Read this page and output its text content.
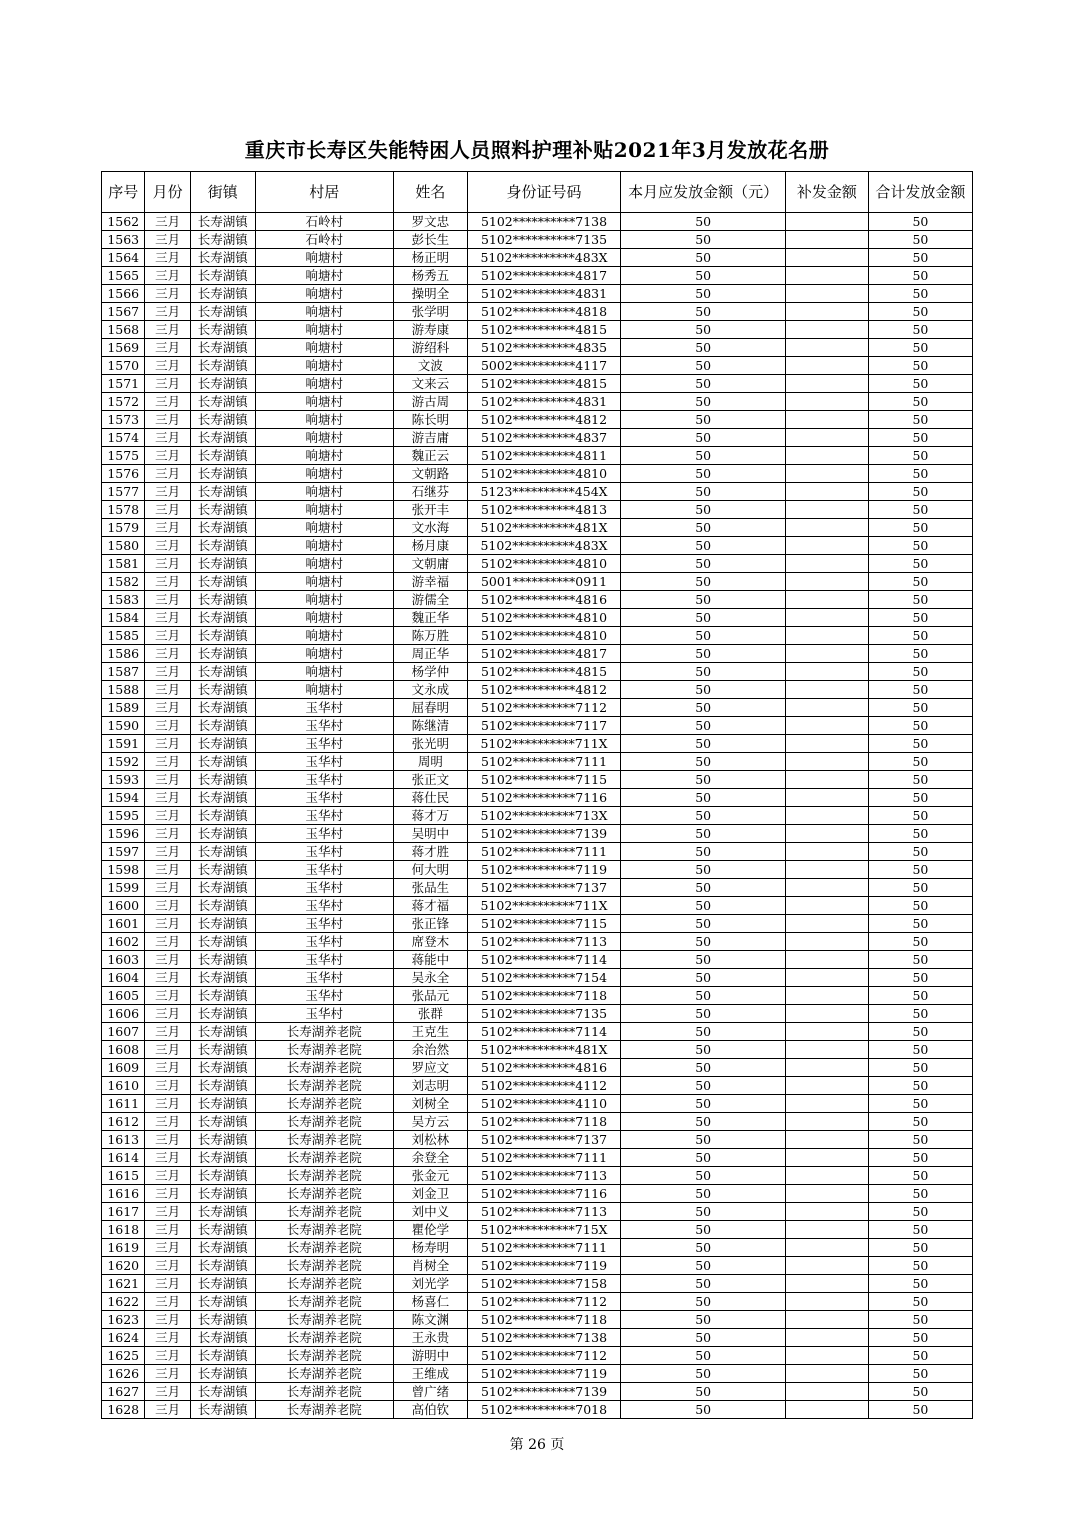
重庆市长寿区失能特困人员照料护理补贴2021年3月发放花名册
序号	月份	街镇	村居	姓名	身份证号码	本月应发放金额（元）	补发金额	合计发放金额
1562	三月	长寿湖镇	石岭村	罗文忠	5102**********7138	50		50
1563	三月	长寿湖镇	石岭村	彭长生	5102**********7135	50		50
1564	三月	长寿湖镇	响塘村	杨正明	5102**********483X	50		50
1565	三月	长寿湖镇	响塘村	杨秀五	5102**********4817	50		50
1566	三月	长寿湖镇	响塘村	操明全	5102**********4831	50		50
1567	三月	长寿湖镇	响塘村	张学明	5102**********4818	50		50
1568	三月	长寿湖镇	响塘村	游寿康	5102**********4815	50		50
1569	三月	长寿湖镇	响塘村	游绍科	5102**********4835	50		50
1570	三月	长寿湖镇	响塘村	文波	5002**********4117	50		50
1571	三月	长寿湖镇	响塘村	文来云	5102**********4815	50		50
1572	三月	长寿湖镇	响塘村	游古周	5102**********4831	50		50
1573	三月	长寿湖镇	响塘村	陈长明	5102**********4812	50		50
1574	三月	长寿湖镇	响塘村	游吉庸	5102**********4837	50		50
1575	三月	长寿湖镇	响塘村	魏正云	5102**********4811	50		50
1576	三月	长寿湖镇	响塘村	文朝路	5102**********4810	50		50
1577	三月	长寿湖镇	响塘村	石继芬	5123**********454X	50		50
1578	三月	长寿湖镇	响塘村	张开丰	5102**********4813	50		50
1579	三月	长寿湖镇	响塘村	文水海	5102**********481X	50		50
1580	三月	长寿湖镇	响塘村	杨月康	5102**********483X	50		50
1581	三月	长寿湖镇	响塘村	文朝庸	5102**********4810	50		50
1582	三月	长寿湖镇	响塘村	游幸福	5001**********0911	50		50
1583	三月	长寿湖镇	响塘村	游儒全	5102**********4816	50		50
1584	三月	长寿湖镇	响塘村	魏正华	5102**********4810	50		50
1585	三月	长寿湖镇	响塘村	陈万胜	5102**********4810	50		50
1586	三月	长寿湖镇	响塘村	周正华	5102**********4817	50		50
1587	三月	长寿湖镇	响塘村	杨学仲	5102**********4815	50		50
1588	三月	长寿湖镇	响塘村	文永成	5102**********4812	50		50
1589	三月	长寿湖镇	玉华村	屈春明	5102**********7112	50		50
1590	三月	长寿湖镇	玉华村	陈继清	5102**********7117	50		50
1591	三月	长寿湖镇	玉华村	张光明	5102**********711X	50		50
1592	三月	长寿湖镇	玉华村	周明	5102**********7111	50		50
1593	三月	长寿湖镇	玉华村	张正文	5102**********7115	50		50
1594	三月	长寿湖镇	玉华村	蒋仕民	5102**********7116	50		50
1595	三月	长寿湖镇	玉华村	蒋才万	5102**********713X	50		50
1596	三月	长寿湖镇	玉华村	吴明中	5102**********7139	50		50
1597	三月	长寿湖镇	玉华村	蒋才胜	5102**********7111	50		50
1598	三月	长寿湖镇	玉华村	何大明	5102**********7119	50		50
1599	三月	长寿湖镇	玉华村	张品生	5102**********7137	50		50
1600	三月	长寿湖镇	玉华村	蒋才福	5102**********711X	50		50
1601	三月	长寿湖镇	玉华村	张正锋	5102**********7115	50		50
1602	三月	长寿湖镇	玉华村	席登木	5102**********7113	50		50
1603	三月	长寿湖镇	玉华村	蒋能中	5102**********7114	50		50
1604	三月	长寿湖镇	玉华村	吴永全	5102**********7154	50		50
1605	三月	长寿湖镇	玉华村	张品元	5102**********7118	50		50
1606	三月	长寿湖镇	玉华村	张群	5102**********7135	50		50
1607	三月	长寿湖镇	长寿湖养老院	王克生	5102**********7114	50		50
1608	三月	长寿湖镇	长寿湖养老院	余治然	5102**********481X	50		50
1609	三月	长寿湖镇	长寿湖养老院	罗应文	5102**********4816	50		50
1610	三月	长寿湖镇	长寿湖养老院	刘志明	5102**********4112	50		50
1611	三月	长寿湖镇	长寿湖养老院	刘树全	5102**********4110	50		50
1612	三月	长寿湖镇	长寿湖养老院	吴方云	5102**********7118	50		50
1613	三月	长寿湖镇	长寿湖养老院	刘松林	5102**********7137	50		50
1614	三月	长寿湖镇	长寿湖养老院	余登全	5102**********7111	50		50
1615	三月	长寿湖镇	长寿湖养老院	张金元	5102**********7113	50		50
1616	三月	长寿湖镇	长寿湖养老院	刘金卫	5102**********7116	50		50
1617	三月	长寿湖镇	长寿湖养老院	刘中义	5102**********7113	50		50
1618	三月	长寿湖镇	长寿湖养老院	瞿伦学	5102**********715X	50		50
1619	三月	长寿湖镇	长寿湖养老院	杨寿明	5102**********7111	50		50
1620	三月	长寿湖镇	长寿湖养老院	肖树全	5102**********7119	50		50
1621	三月	长寿湖镇	长寿湖养老院	刘光学	5102**********7158	50		50
1622	三月	长寿湖镇	长寿湖养老院	杨喜仁	5102**********7112	50		50
1623	三月	长寿湖镇	长寿湖养老院	陈文渊	5102**********7118	50		50
1624	三月	长寿湖镇	长寿湖养老院	王永贵	5102**********7138	50		50
1625	三月	长寿湖镇	长寿湖养老院	游明中	5102**********7112	50		50
1626	三月	长寿湖镇	长寿湖养老院	王维成	5102**********7119	50		50
1627	三月	长寿湖镇	长寿湖养老院	曾广绪	5102**********7139	50		50
1628	三月	长寿湖镇	长寿湖养老院	高伯钦	5102**********7018	50		50
第 26 页
